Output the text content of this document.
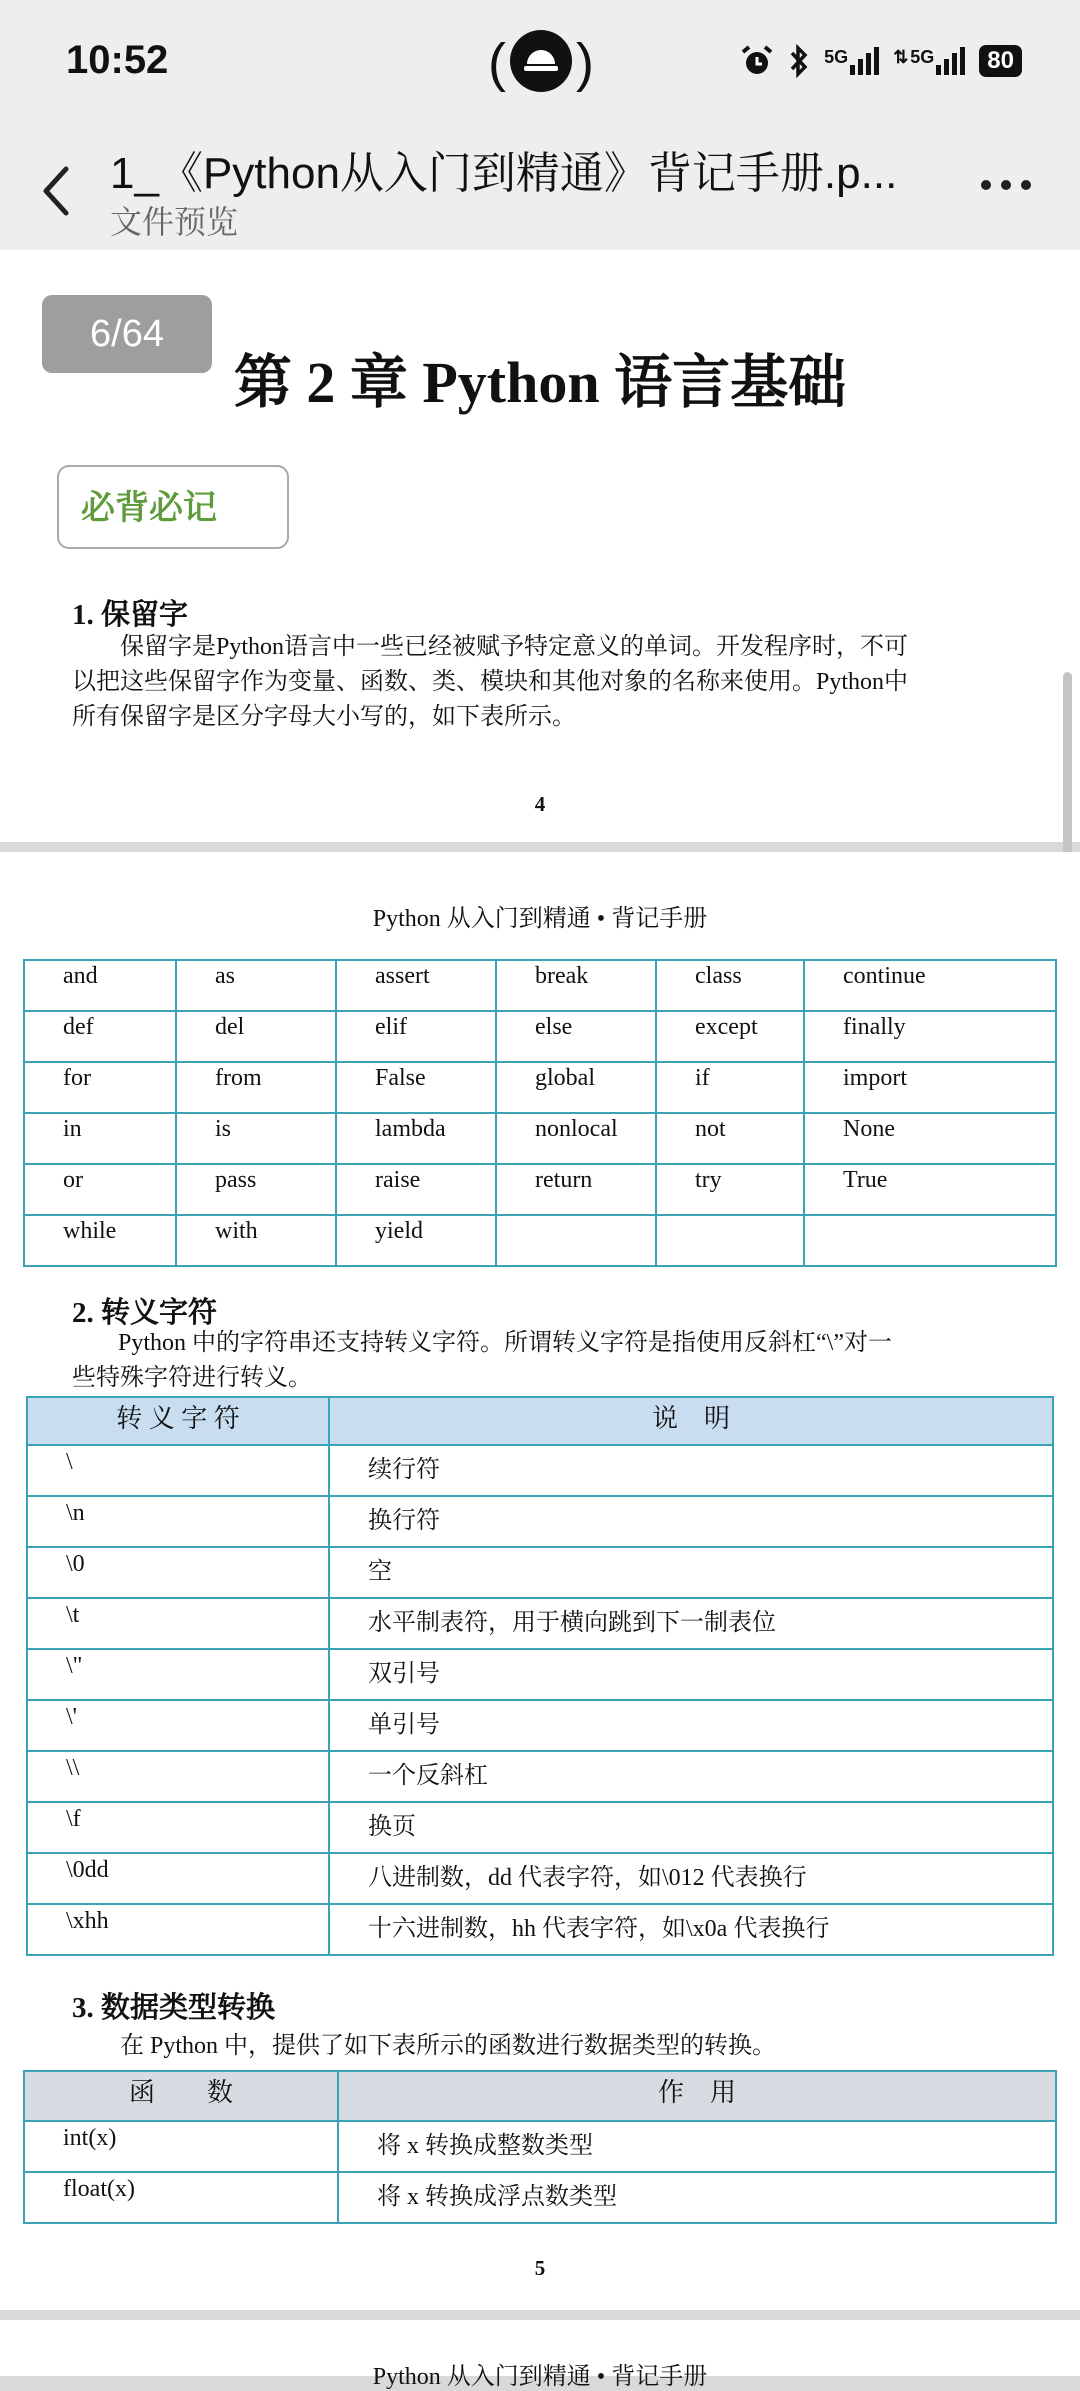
10:52	( )	5G	⇅ 5G	80
1_《Python从入门到精通》背记手册.p...
文件预览
第 2 章 Python 语言基础
6/64
必背必记
1. 保留字
　　保留字是Python语言中一些已经被赋予特定意义的单词。开发程序时，不可
以把这些保留字作为变量、函数、类、模块和其他对象的名称来使用。Python中
所有保留字是区分字母大小写的，如下表所示。
4
Python 从入门到精通 • 背记手册
and	as	assert	break	class	continue
def	del	elif	else	except	finally
for	from	False	global	if	import
in	is	lambda	nonlocal	not	None
or	pass	raise	return	try	True
while	with	yield			
2. 转义字符
　　Python 中的字符串还支持转义字符。所谓转义字符是指使用反斜杠“\”对一
些特殊字符进行转义。
转 义 字 符	说　明
\	续行符
\n	换行符
\0	空
\t	水平制表符，用于横向跳到下一制表位
\"	双引号
\'	单引号
\\	一个反斜杠
\f	换页
\0dd	八进制数，dd 代表字符，如\012 代表换行
\xhh	十六进制数，hh 代表字符，如\x0a 代表换行
3. 数据类型转换
　　在 Python 中，提供了如下表所示的函数进行数据类型的转换。
函　　数	作　用
int(x)	将 x 转换成整数类型
float(x)	将 x 转换成浮点数类型
5
Python 从入门到精通 • 背记手册
